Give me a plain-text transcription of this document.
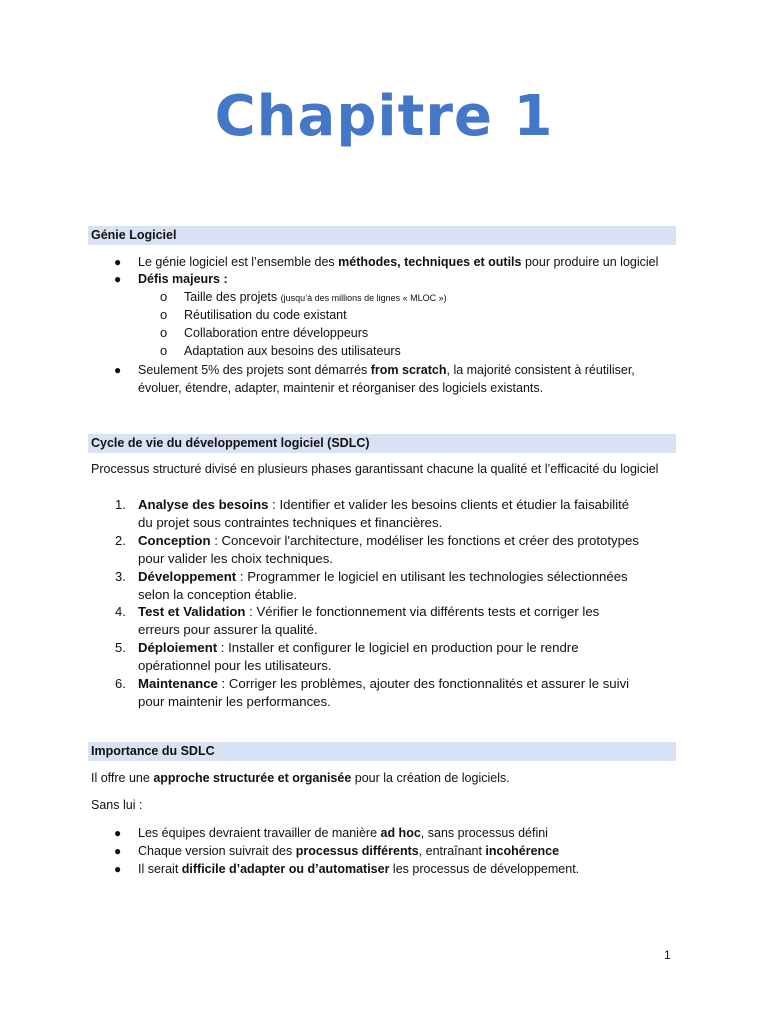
Chapitre 1
Génie Logiciel
● Le génie logiciel est l’ensemble des méthodes, techniques et outils pour produire un logiciel
● Défis majeurs :
o Taille des projets (jusqu’à des millions de lignes « MLOC »)
o Réutilisation du code existant
o Collaboration entre développeurs
o Adaptation aux besoins des utilisateurs
● Seulement 5% des projets sont démarrés from scratch, la majorité consistent à réutiliser,
évoluer, étendre, adapter, maintenir et réorganiser des logiciels existants.
Cycle de vie du développement logiciel (SDLC)
Processus structuré divisé en plusieurs phases garantissant chacune la qualité et l’efficacité du logiciel
1. Analyse des besoins : Identifier et valider les besoins clients et étudier la faisabilité
du projet sous contraintes techniques et financières.
2. Conception : Concevoir l'architecture, modéliser les fonctions et créer des prototypes
pour valider les choix techniques.
3. Développement : Programmer le logiciel en utilisant les technologies sélectionnées
selon la conception établie.
4. Test et Validation : Vérifier le fonctionnement via différents tests et corriger les
erreurs pour assurer la qualité.
5. Déploiement : Installer et configurer le logiciel en production pour le rendre
opérationnel pour les utilisateurs.
6. Maintenance : Corriger les problèmes, ajouter des fonctionnalités et assurer le suivi
pour maintenir les performances.
Importance du SDLC
Il offre une approche structurée et organisée pour la création de logiciels.
Sans lui :
● Les équipes devraient travailler de manière ad hoc, sans processus défini
● Chaque version suivrait des processus différents, entraînant incohérence
● Il serait difficile d’adapter ou d’automatiser les processus de développement.
1
